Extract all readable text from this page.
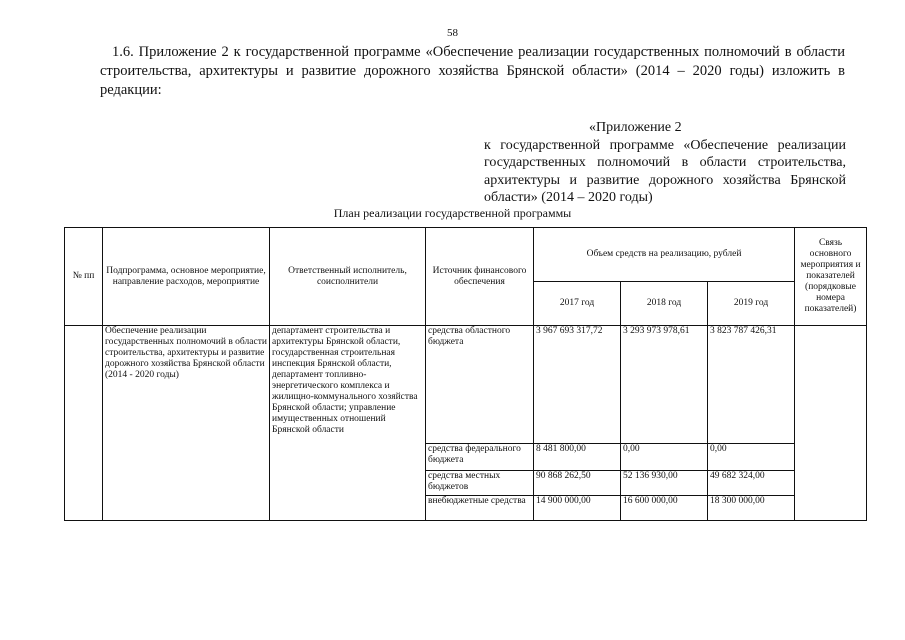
58

1.6. Приложение 2 к государственной программе «Обеспечение реализации государственных полномочий в области строительства, архитектуры и развитие дорожного хозяйства Брянской области» (2014 – 2020 годы) изложить в редакции:

«Приложение 2
к государственной программе «Обеспечение реализации
государственных полномочий в области строительства,
архитектуры и развитие дорожного хозяйства Брянской
области» (2014 – 2020 годы)
План реализации государственной программы
№ пп	Подпрограмма, основное мероприятие, направление расходов, мероприятие	Ответственный исполнитель, соисполнители	Источник финансового обеспечения	Объем средств на реализацию, рублей			Связь основного мероприятия и показателей (порядковые номера показателей)
				2017 год	2018 год	2019 год	
	Обеспечение реализации государственных полномочий в области строительства, архитектуры и развитие дорожного хозяйства Брянской области (2014 - 2020 годы)	департамент строительства и архитектуры Брянской области, государственная строительная инспекция Брянской области, департамент топливно-энергетического комплекса и жилищно-коммунального хозяйства Брянской области; управление имущественных отношений Брянской области	средства областного бюджета	3 967 693 317,72	3 293 973 978,61	3 823 787 426,31	
			средства федерального бюджета	8 481 800,00	0,00	0,00	
			средства местных бюджетов	90 868 262,50	52 136 930,00	49 682 324,00	
			внебюджетные средства	14 900 000,00	16 600 000,00	18 300 000,00	
